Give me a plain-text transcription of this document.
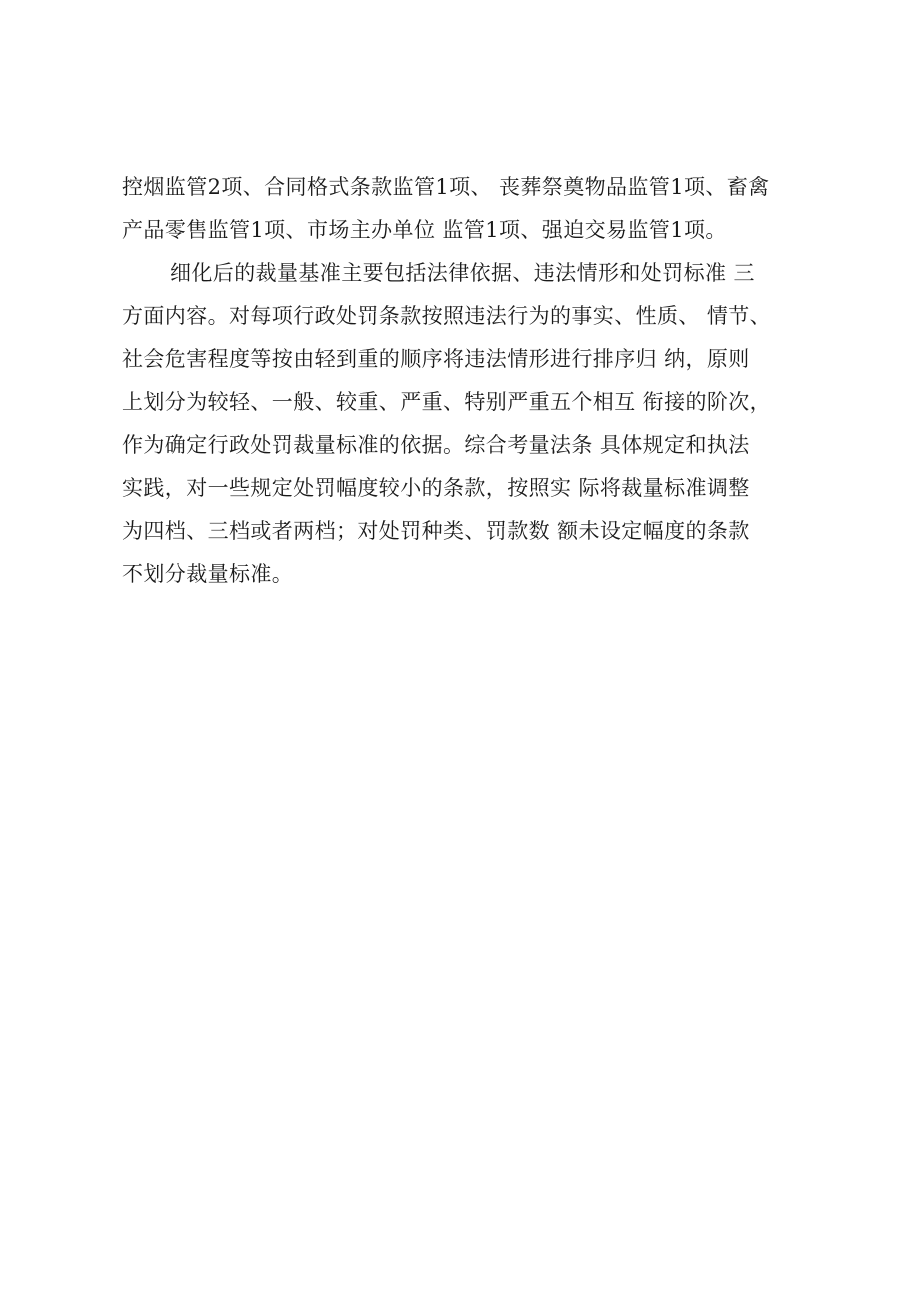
控烟监管2项、合同格式条款监管1项、 丧葬祭奠物品监管1项、畜禽
产品零售监管1项、市场主办单位 监管1项、强迫交易监管1项。
细化后的裁量基准主要包括法律依据、违法情形和处罚标准 三
方面内容。对每项行政处罚条款按照违法行为的事实、性质、 情节、
社会危害程度等按由轻到重的顺序将违法情形进行排序归 纳，原则
上划分为较轻、一般、较重、严重、特别严重五个相互 衔接的阶次，
作为确定行政处罚裁量标准的依据。综合考量法条 具体规定和执法
实践，对一些规定处罚幅度较小的条款，按照实 际将裁量标准调整
为四档、三档或者两档；对处罚种类、罚款数 额未设定幅度的条款
不划分裁量标准。
